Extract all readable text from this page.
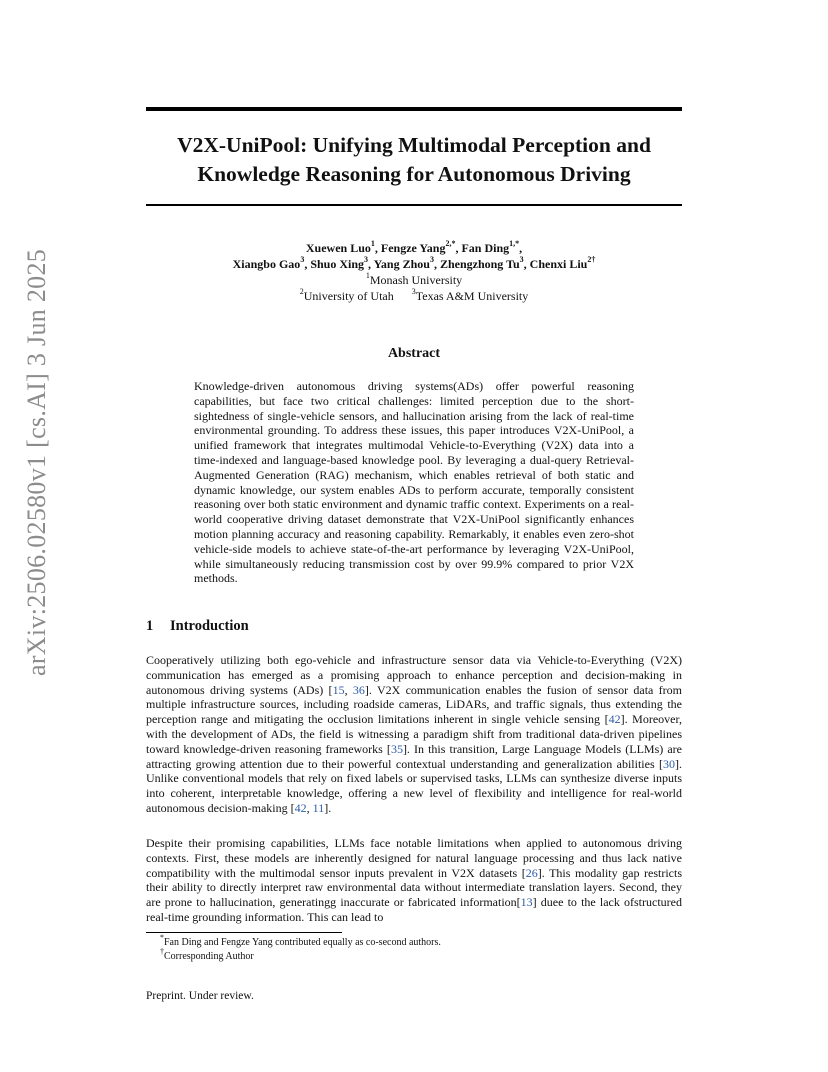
arXiv:2506.02580v1 [cs.AI] 3 Jun 2025
V2X-UniPool: Unifying Multimodal Perception and
Knowledge Reasoning for Autonomous Driving
Xuewen Luo$^1$, Fengze Yang$^{2,*}$, Fan Ding$^{1,*}$,
Xiangbo Gao$^3$, Shuo Xing$^3$, Yang Zhou$^3$, Zhengzhong Tu$^3$, Chenxi Liu$^{2\dagger}$
$^1$Monash University
$^2$University of Utah $^3$Texas A&M University
Abstract

Knowledge-driven autonomous driving systems(ADs) offer powerful reasoning capabilities, but face two critical challenges: limited perception due to the short-sightedness of single-vehicle sensors, and hallucination arising from the lack of real-time environmental grounding. To address these issues, this paper introduces V2X-UniPool, a unified framework that integrates multimodal Vehicle-to-Everything (V2X) data into a time-indexed and language-based knowledge pool. By leveraging a dual-query Retrieval-Augmented Generation (RAG) mechanism, which enables retrieval of both static and dynamic knowledge, our system enables ADs to perform accurate, temporally consistent reasoning over both static environment and dynamic traffic context. Experiments on a real-world cooperative driving dataset demonstrate that V2X-UniPool significantly enhances motion planning accuracy and reasoning capability. Remarkably, it enables even zero-shot vehicle-side models to achieve state-of-the-art performance by leveraging V2X-UniPool, while simultaneously reducing transmission cost by over 99.9% compared to prior V2X methods.

1 Introduction

Cooperatively utilizing both ego-vehicle and infrastructure sensor data via Vehicle-to-Everything (V2X) communication has emerged as a promising approach to enhance perception and decision-making in autonomous driving systems (ADs) [15, 36]. V2X communication enables the fusion of sensor data from multiple infrastructure sources, including roadside cameras, LiDARs, and traffic signals, thus extending the perception range and mitigating the occlusion limitations inherent in single vehicle sensing [42]. Moreover, with the development of ADs, the field is witnessing a paradigm shift from traditional data-driven pipelines toward knowledge-driven reasoning frameworks [35]. In this transition, Large Language Models (LLMs) are attracting growing attention due to their powerful contextual understanding and generalization abilities [30]. Unlike conventional models that rely on fixed labels or supervised tasks, LLMs can synthesize diverse inputs into coherent, interpretable knowledge, offering a new level of flexibility and intelligence for real-world autonomous decision-making [42, 11].

Despite their promising capabilities, LLMs face notable limitations when applied to autonomous driving contexts. First, these models are inherently designed for natural language processing and thus lack native compatibility with the multimodal sensor inputs prevalent in V2X datasets [26]. This modality gap restricts their ability to directly interpret raw environmental data without intermediate translation layers. Second, they are prone to hallucination, generatingg inaccurate or fabricated information[13] duee to the lack ofstructured real-time grounding information. This can lead to

*Fan Ding and Fengze Yang contributed equally as co-second authors.

†Corresponding Author

Preprint. Under review.
